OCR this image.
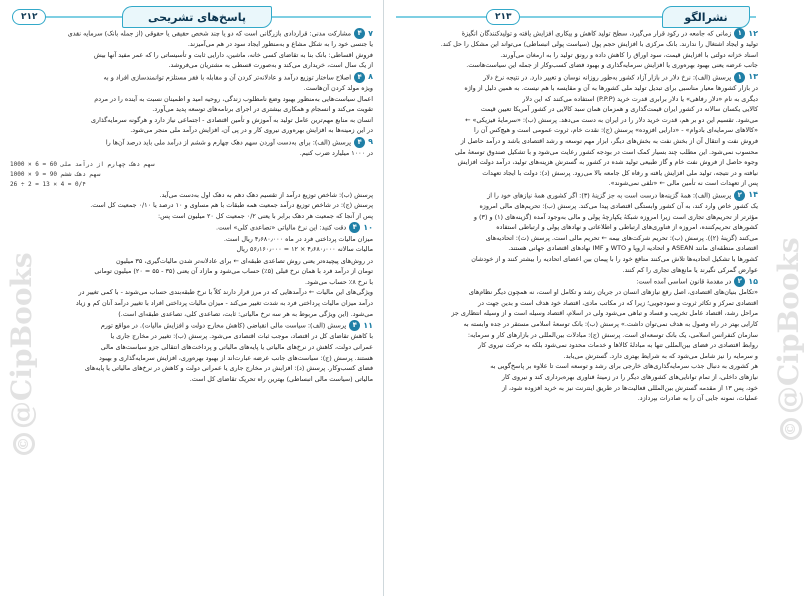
۲۱۲	پاسخ‌های تشریحی
۷۴ مشارکت مدنی: قراردادی بازرگانی است که دو یا چند شخص حقیقی یا حقوقی (از جمله بانک) سرمایه نقدی
یا جنسی خود را به شکل مشاع و به‌منظور ایجاد سود در هم می‌آمیزند.
فروش اقساطی: بانک بنا به تقاضای کسی خانه، ماشین، دارایی ثابت و تأسیساتی را که عمر مفید آنها بیش
از یک سال است، خریداری می‌کند و به‌صورت قسطی به مشتریان می‌فروشد.
۸۴ اصلاح ساختار توزیع درآمد و عادلانه‌تر کردن آن و مقابله با فقر مستلزم توانمندسازی افراد و به
ویژه مولد کردن آن‌هاست.
اعمال سیاست‌هایی به‌منظور بهبود وضع نامطلوب زندگی، روحیه امید و اطمینان نسبت به آینده را در مردم
تقویت می‌کند و انسجام و همکاری بیشتری در اجرای برنامه‌های توسعه پدید می‌آورد.
انسان به منابع مهم‌ترین عامل تولید به آموزش و تأمین اقتصادی - اجتماعی نیاز دارد و هرگونه سرمایه‌گذاری
در این زمینه‌ها به افزایش بهره‌وری نیروی کار و در پی آن، افزایش درآمد ملی منجر می‌شود.
۹۴ پرسش (الف): برای به‌دست آوردن سهم دهک چهارم و ششم از درآمد ملی باید درصد آن‌ها را
در ۱۰۰۰ میلیارد ضرب کنیم.
1000 × 6 = 60 سهم دهک چهارم از درآمد ملی
1000 × 9 = 90 سهم دهک ششم
26 ÷ 2 = 13 × 4 = 0/۴
پرسش (ب): شاخص توزیع درآمد از تقسیم دهک دهم به دهک اول به‌دست می‌آید.
پرسش (ج): در شاخص توزیع درآمد جمعیت همه طبقات با هم مساوی و ۱۰ درصد یا ۰/۱۰ جمعیت کل است.
پس از آنجا که جمعیت هر دهک برابر با یعنی ۰/۲ جمعیت کل ۲۰ میلیون است پس:
۱۰۴ دقت کنید: این نرخ مالیاتی «تصاعدی کلی» است.
میزان مالیات پرداختی فرد در ماه ۴٫۶۸۰٫۰۰۰ ریال است.
مالیات سالانه ۴٫۶۸۰٫۰۰۰ × ۱۲ = ۵۶٫۱۶۰٫۰۰۰ ریال
در روش‌های پیچیده‌تر یعنی روش تصاعدی طبقه‌ای ← برای عادلانه‌تر شدن مالیات‌گیری، ۳۵ میلیون
تومان از درآمد فرد با همان نرخ قبلی (۵٪) حساب می‌شود و مازاد آن یعنی (۳۵ - ۵۵ = ۲۰) میلیون تومانی
با نرخ ۸٪ حساب می‌شود.
ویژگی‌های این مالیات ← درآمدهایی که در مرز قرار دارند کلاً با نرخ طبقه‌بندی حساب می‌شوند - با کمی تغییر در
درآمد میزان مالیات پرداختی فرد به شدت تغییر می‌کند - میزان مالیات پرداختی افراد با تغییر درآمد آنان کم و زیاد
می‌شود. (این ویژگی مربوط به هر سه نرخ مالیاتی: ثابت، تصاعدی کلی، تصاعدی طبقه‌ای است.)
۱۱۴ پرسش (الف): سیاست مالی انقباضی (کاهش مخارج دولت و افزایش مالیات). در مواقع تورم
با کاهش تقاضای کل در اقتصاد، موجب ثبات اقتصادی می‌شود. پرسش (ب): تغییر در مخارج جاری یا
عمرانی دولت، کاهش در نرخ‌های مالیاتی یا پایه‌های مالیاتی و پرداخت‌های انتقالی جزو سیاست‌های مالی
هستند. پرسش (ج): سیاست‌های جانب عرضه عبارت‌اند از بهبود بهره‌وری، افزایش سرمایه‌گذاری و بهبود
فضای کسب‌وکار. پرسش (د): افزایش در مخارج جاری یا عمرانی دولت و کاهش در نرخ‌های مالیاتی یا پایه‌های
مالیاتی (سیاست مالی انبساطی) بهترین راه تحریک تقاضای کل است.
©@CipBooks
۲۱۳	نشرالگو
۱۲۱ زمانی که جامعه در رکود قرار می‌گیرد، سطح تولید کاهش و بیکاری افزایش یافته و تولیدکنندگان انگیزهٔ
تولید و ایجاد اشتغال را ندارند. بانک مرکزی با افزایش حجم پول (سیاست پولی انبساطی) می‌تواند این مشکل را حل کند.
اسناد خزانه دولتی با افزایش قیمت، سود اوراق را کاهش داده و رونق تولید را به ارمغان می‌آورند.
جانب عرضه یعنی بهبود بهره‌وری یا افزایش سرمایه‌گذاری و بهبود فضای کسب‌وکار از جمله این سیاست‌هاست.
۱۳۱ پرسش (الف): نرخ دلار در بازار آزاد کشور به‌طور روزانه نوسان و تغییر دارد. در نتیجه نرخ دلار
در بازار کشورها معیار مناسبی برای تبدیل تولید ملی کشورها به آن و مقایسه با هم نیست. به همین دلیل از واژه
دیگری به نام «دلار رفاهی» یا دلار برابری قدرت خرید (P.P.P) استفاده می‌کنند که این دلار
کالایی یکسان سالانه در کشور ایران قیمت‌گذاری و همزمان همان سبد کالایی در کشور آمریکا تعیین قیمت
می‌شود. تقسیم این دو بر هم، قدرت خرید دلار را در ایران به دست می‌دهد. پرسش (ب): «سرمایهٔ فیزیکی» ←
«کالاهای سرمایه‌ای بادوام» - «دارایی افزوده» پرسش (ج): نقدت خام، ثروت عمومی است و هیچ‌کس آن را
فروش نفت و انتقال آن از بخش نفت به بخش‌های دیگر، ابزار مهم توسعه و رشد اقتصادی باشد و درآمد حاصل از
محسوب نمی‌شود. این مطلب چند بسیار کمک است در بودجه کشور رعایت می‌شود و با تشکیل صندوق توسعهٔ ملی
وجوه حاصل از فروش نفت خام و گاز طبیعی تولید شده در کشور به گسترش هزینه‌های تولید، درآمد دولت افزایش
نیافته و در نتیجه، تولید ملی افزایش یافته و رفاه کل جامعه بالا می‌رود. پرسش (د): دولت با ایجاد تعهدات
پس از تعهدات است نه تأمین مالی ← «تلفی نمی‌شوند».
۱۴۲ پرسش (الف): همهٔ گزینه‌ها درست است به جز گزینهٔ (۳): اگر کشوری همهٔ نیازهای خود را از
یک کشور خاص وارد کند، به آن کشور وابستگی اقتصادی پیدا می‌کند. پرسش (ب): تحریم‌های مالی امروزه
مؤثرتر از تحریم‌های تجاری است زیرا امروزه شبکهٔ یکپارچهٔ پولی و مالی به‌وجود آمده (گزینه‌های (۱) و (۳) و
کشورهای تحریم‌کننده، امروزه از فناوری‌های ارتباطی و اطلاعاتی و نهادهای پولی و ارتباطی استفاده
می‌کنند (گزینهٔ (۲)). پرسش (ب): تحریم شرکت‌های بیمه ← تحریم مالی است. پرسش (ت): اتحادیه‌های
اقتصادی منطقه‌ای مانند ASEAN و اتحادیه اروپا و WTO و IMF نهادهای اقتصادی جهانی هستند.
کشورها با تشکیل اتحادیه‌ها تلاش می‌کنند منافع خود را با پیمان بین اعضای اتحادیه را بیشتر کنند و از خودشان
عوارض گمرکی نگیرند یا مانع‌های تجاری را کم کنند.
۱۵۲ در مقدمهٔ قانون اساسی آمده است:
«تکامل بنیان‌های اقتصادی، اصل رفع نیازهای انسان در جریان رشد و تکامل او است، نه همچون دیگر نظام‌های
اقتصادی تمرکز و تکاثر ثروت و سودجویی؛ زیرا که در مکاتب مادی، اقتصاد خود هدف است و بدین جهت در
مراحل رشد، اقتصاد عامل تخریب و فساد و تباهی می‌شود ولی در اسلام، اقتصاد وسیله است و از وسیله انتظاری جز
کارایی بهتر در راه وصول به هدف نمی‌توان داشت.» پرسش (ب): بانک توسعهٔ اسلامی مستقر در جده وابسته به
سازمان کنفرانس اسلامی، یک بانک توسعه‌ای است. پرسش (ج): مبادلات بین‌المللی در بازارهای کار و سرمایه:
روابط اقتصادی در فضای بین‌المللی تنها به مبادلهٔ کالاها و خدمات محدود نمی‌شود بلکه به حرکت نیروی کار
و سرمایه را نیز شامل می‌شود که به شرایط بهتری دارد. گسترش می‌یابد.
هر کشوری به دنبال جذب سرمایه‌گذاری‌های خارجی برای رشد و توسعه است تا علاوه بر پاسخ‌گویی به
نیازهای داخلی، از تمام توانایی‌های کشورهای دیگر را در زمینهٔ فناوری بهره‌برداری کند و نیروی کار
خود، پس ۱۳ از مقدمه گسترش بین‌المللی فعالیت‌ها در طریق اینترنت نیز به خرید افزوده شود، از
عملیات، نمونه جایی آن را به صادرات بپردازد.
©@CipBooks
